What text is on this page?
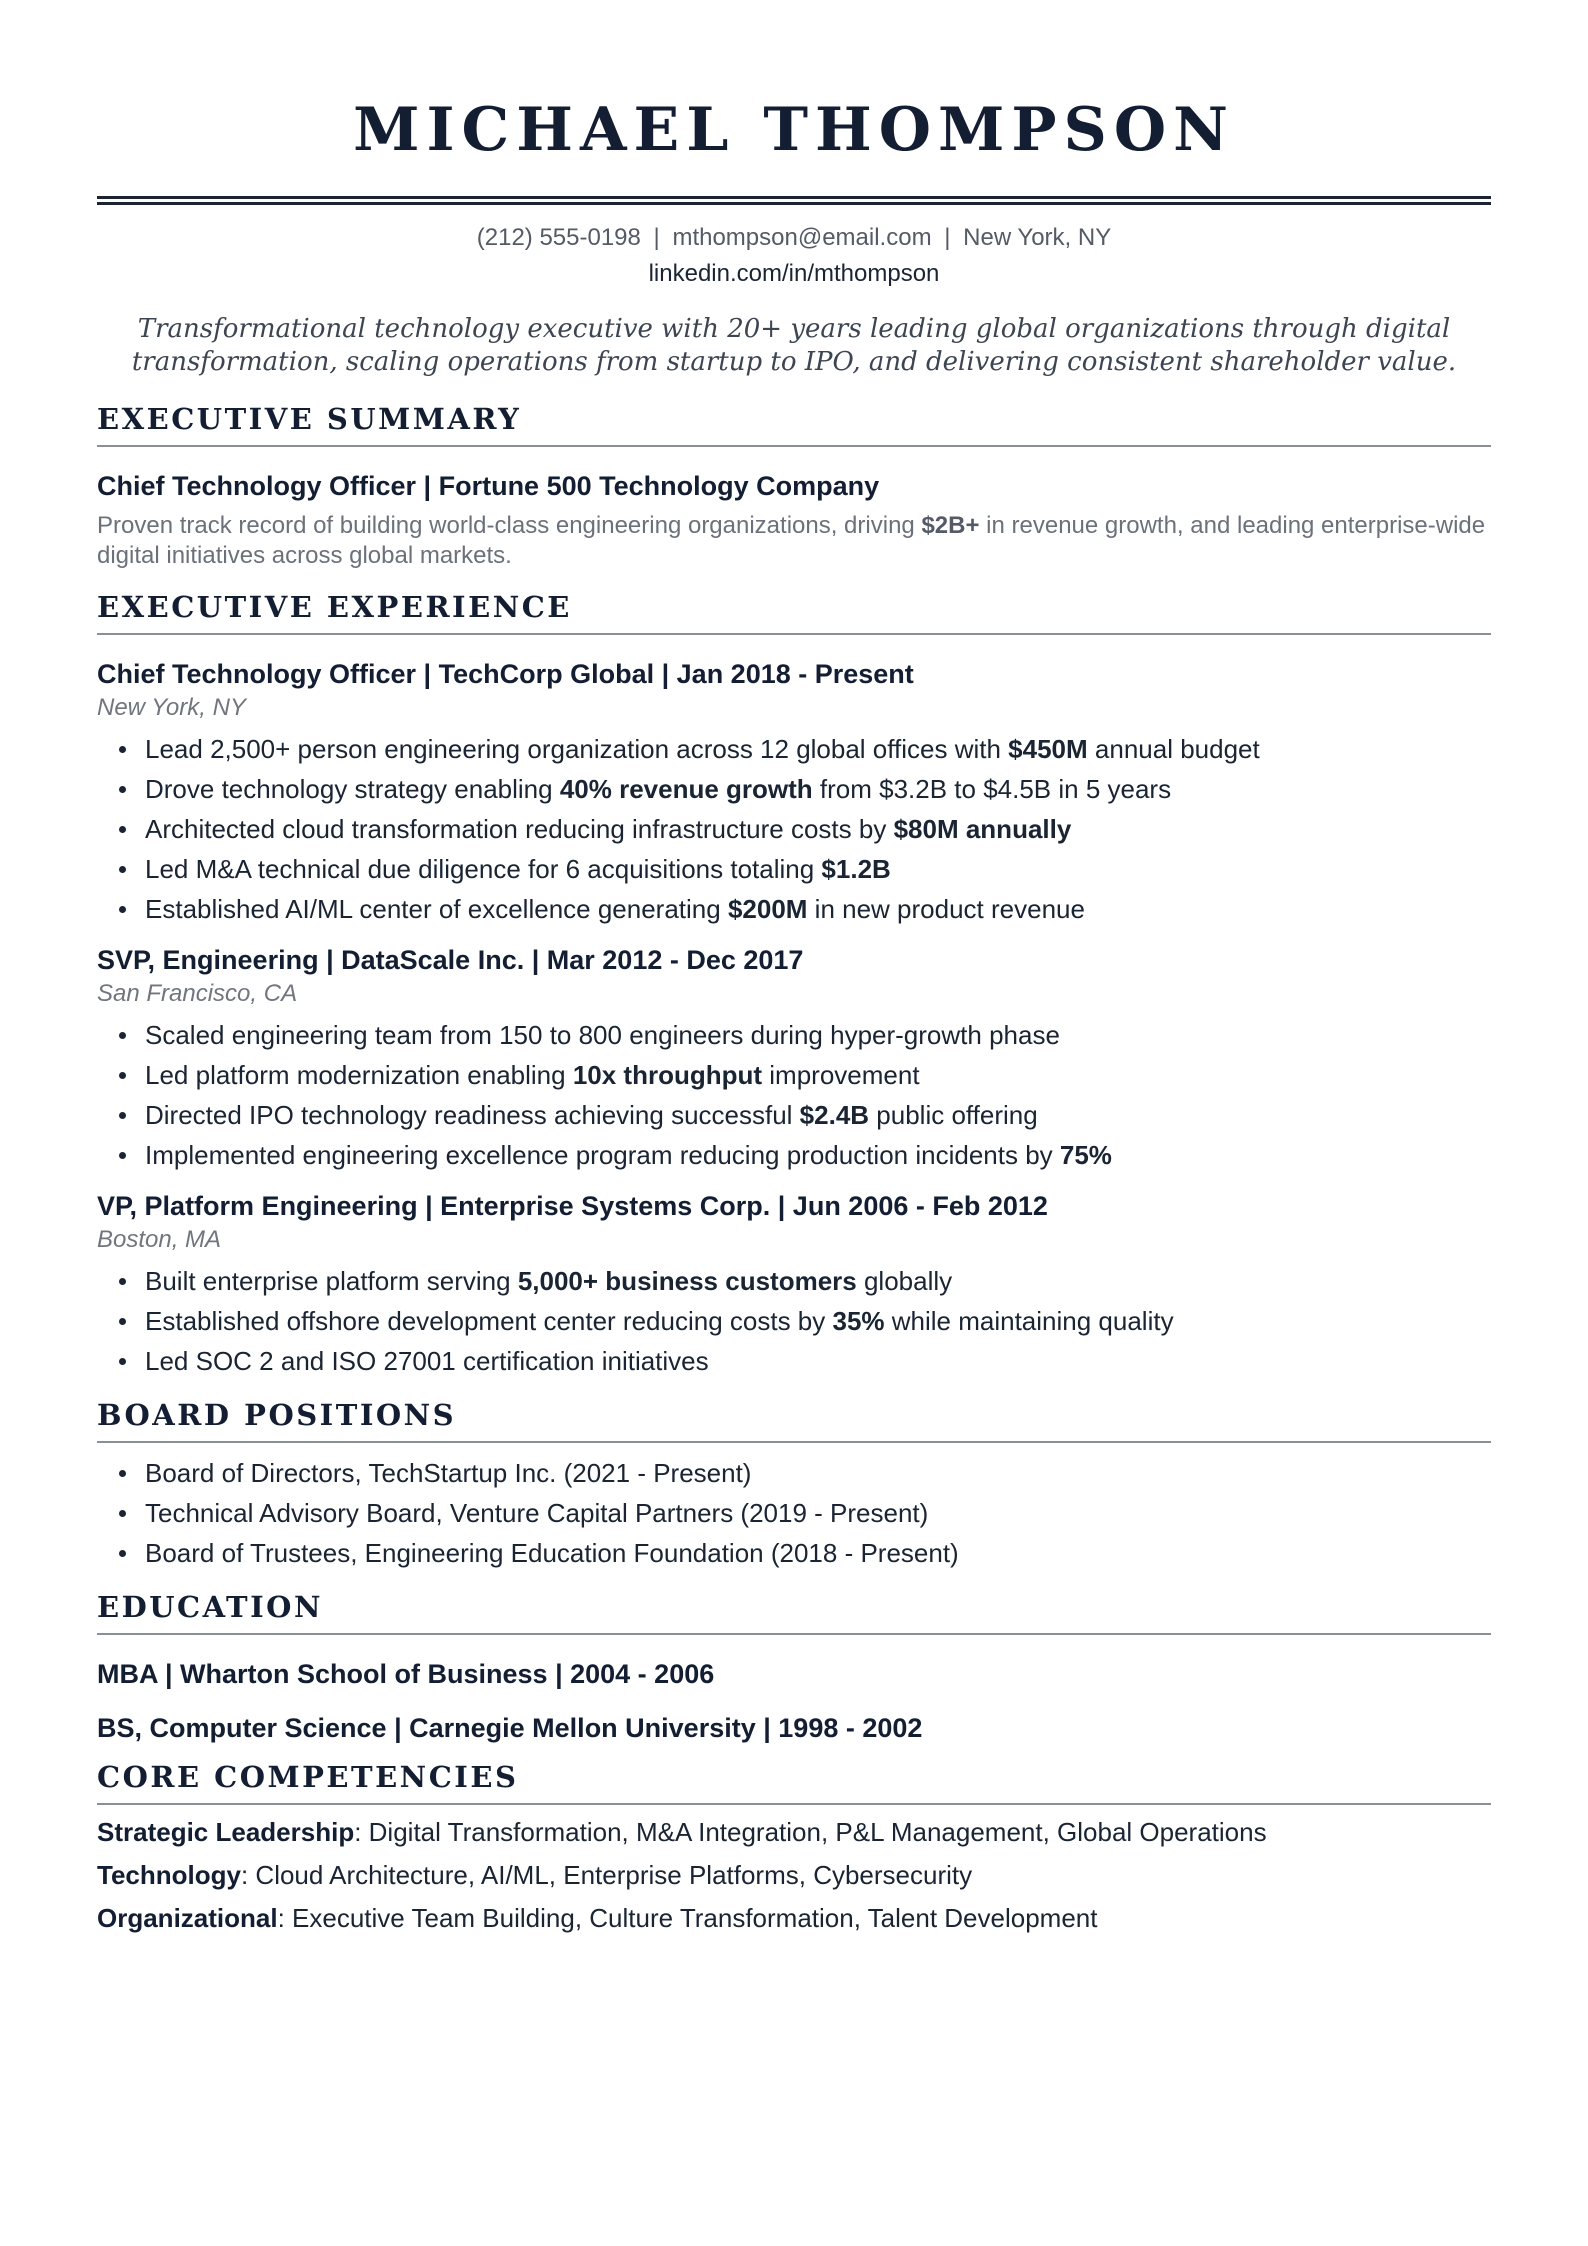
MICHAEL THOMPSON
(212) 555-0198 | mthompson@email.com | New York, NY
linkedin.com/in/mthompson
Transformational technology executive with 20+ years leading global organizations through digital transformation, scaling operations from startup to IPO, and delivering consistent shareholder value.
EXECUTIVE SUMMARY
Chief Technology Officer | Fortune 500 Technology Company
Proven track record of building world-class engineering organizations, driving $2B+ in revenue growth, and leading enterprise-wide digital initiatives across global markets.
EXECUTIVE EXPERIENCE
Chief Technology Officer | TechCorp Global | Jan 2018 - Present
New York, NY
Lead 2,500+ person engineering organization across 12 global offices with $450M annual budget
Drove technology strategy enabling 40% revenue growth from $3.2B to $4.5B in 5 years
Architected cloud transformation reducing infrastructure costs by $80M annually
Led M&A technical due diligence for 6 acquisitions totaling $1.2B
Established AI/ML center of excellence generating $200M in new product revenue
SVP, Engineering | DataScale Inc. | Mar 2012 - Dec 2017
San Francisco, CA
Scaled engineering team from 150 to 800 engineers during hyper-growth phase
Led platform modernization enabling 10x throughput improvement
Directed IPO technology readiness achieving successful $2.4B public offering
Implemented engineering excellence program reducing production incidents by 75%
VP, Platform Engineering | Enterprise Systems Corp. | Jun 2006 - Feb 2012
Boston, MA
Built enterprise platform serving 5,000+ business customers globally
Established offshore development center reducing costs by 35% while maintaining quality
Led SOC 2 and ISO 27001 certification initiatives
BOARD POSITIONS
Board of Directors, TechStartup Inc. (2021 - Present)
Technical Advisory Board, Venture Capital Partners (2019 - Present)
Board of Trustees, Engineering Education Foundation (2018 - Present)
EDUCATION
MBA | Wharton School of Business | 2004 - 2006
BS, Computer Science | Carnegie Mellon University | 1998 - 2002
CORE COMPETENCIES
Strategic Leadership: Digital Transformation, M&A Integration, P&L Management, Global Operations
Technology: Cloud Architecture, AI/ML, Enterprise Platforms, Cybersecurity
Organizational: Executive Team Building, Culture Transformation, Talent Development
